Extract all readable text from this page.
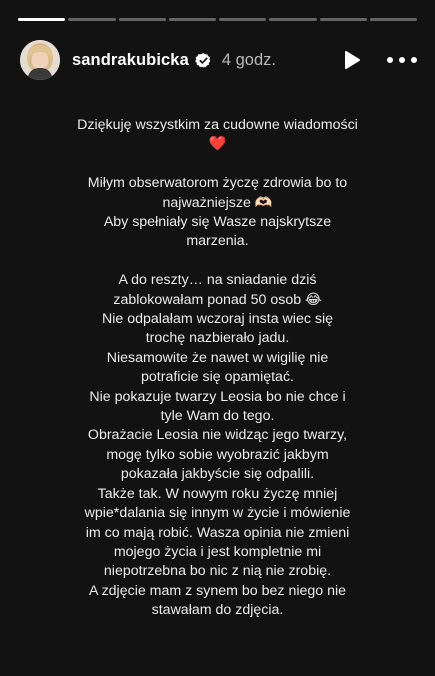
sandrakubicka 4 godz.

Dziękuję wszystkim za cudowne wiadomości

❤️

Miłym obserwatorom życzę zdrowia bo to
najważniejsze 🫶🏻
Aby spełniały się Wasze najskrytsze
marzenia.

A do reszty… na sniadanie dziś
zablokowałam ponad 50 osob 😂
Nie odpalałam wczoraj insta wiec się
trochę nazbierało jadu.
Niesamowite że nawet w wigilię nie
potraficie się opamiętać.
Nie pokazuje twarzy Leosia bo nie chce i
tyle Wam do tego.
Obrażacie Leosia nie widząc jego twarzy,
mogę tylko sobie wyobrazić jakbym
pokazała jakbyście się odpalili.
Także tak. W nowym roku życzę mniej
wpie*dalania się innym w życie i mówienie
im co mają robić. Wasza opinia nie zmieni
mojego życia i jest kompletnie mi
niepotrzebna bo nic z nią nie zrobię.
A zdjęcie mam z synem bo bez niego nie
stawałam do zdjęcia.
